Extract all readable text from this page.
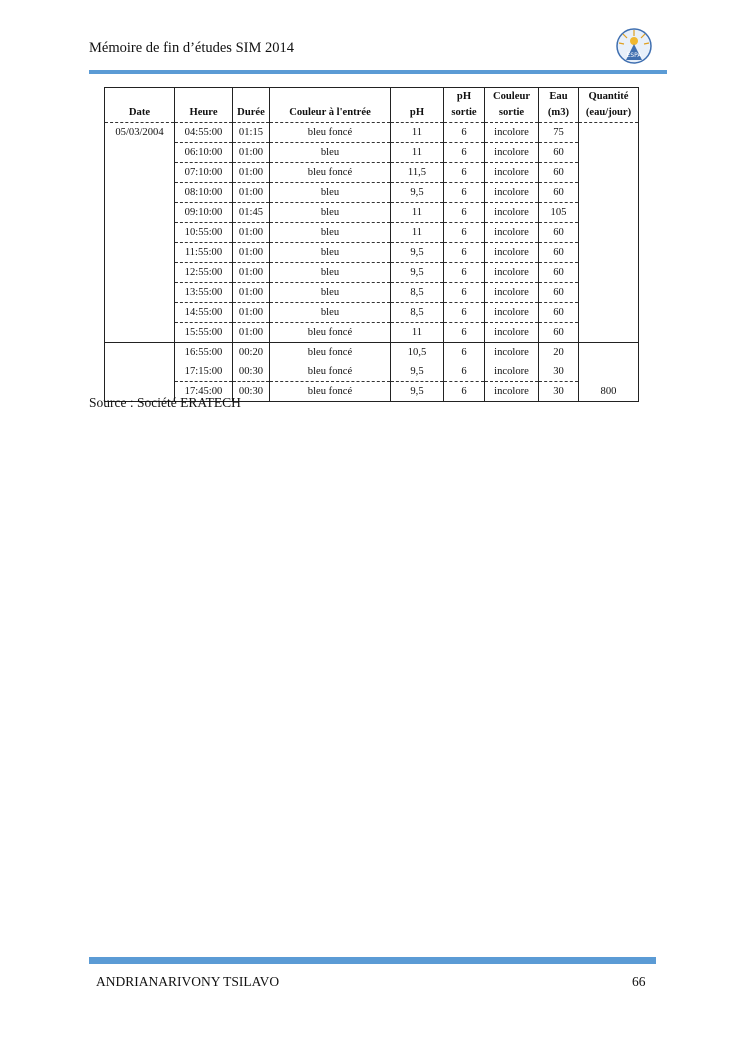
Mémoire de fin d’études SIM 2014	ESPA
Date	Heure	Durée	Couleur à l'entrée	pH	pH sortie	Couleur sortie	Eau (m3)	Quantité (eau/jour)
05/03/2004	04:55:00	01:15	bleu foncé	11	6	incolore	75	
	06:10:00	01:00	bleu	11	6	incolore	60	
	07:10:00	01:00	bleu foncé	11,5	6	incolore	60	
	08:10:00	01:00	bleu	9,5	6	incolore	60	
	09:10:00	01:45	bleu	11	6	incolore	105	
	10:55:00	01:00	bleu	11	6	incolore	60	
	11:55:00	01:00	bleu	9,5	6	incolore	60	
	12:55:00	01:00	bleu	9,5	6	incolore	60	
	13:55:00	01:00	bleu	8,5	6	incolore	60	
	14:55:00	01:00	bleu	8,5	6	incolore	60	
	15:55:00	01:00	bleu foncé	11	6	incolore	60	
	16:55:00	00:20	bleu foncé	10,5	6	incolore	20	
	17:15:00	00:30	bleu foncé	9,5	6	incolore	30	
	17:45:00	00:30	bleu foncé	9,5	6	incolore	30	800
Source : Société ERATECH
ANDRIANARIVONY TSILAVO	66
